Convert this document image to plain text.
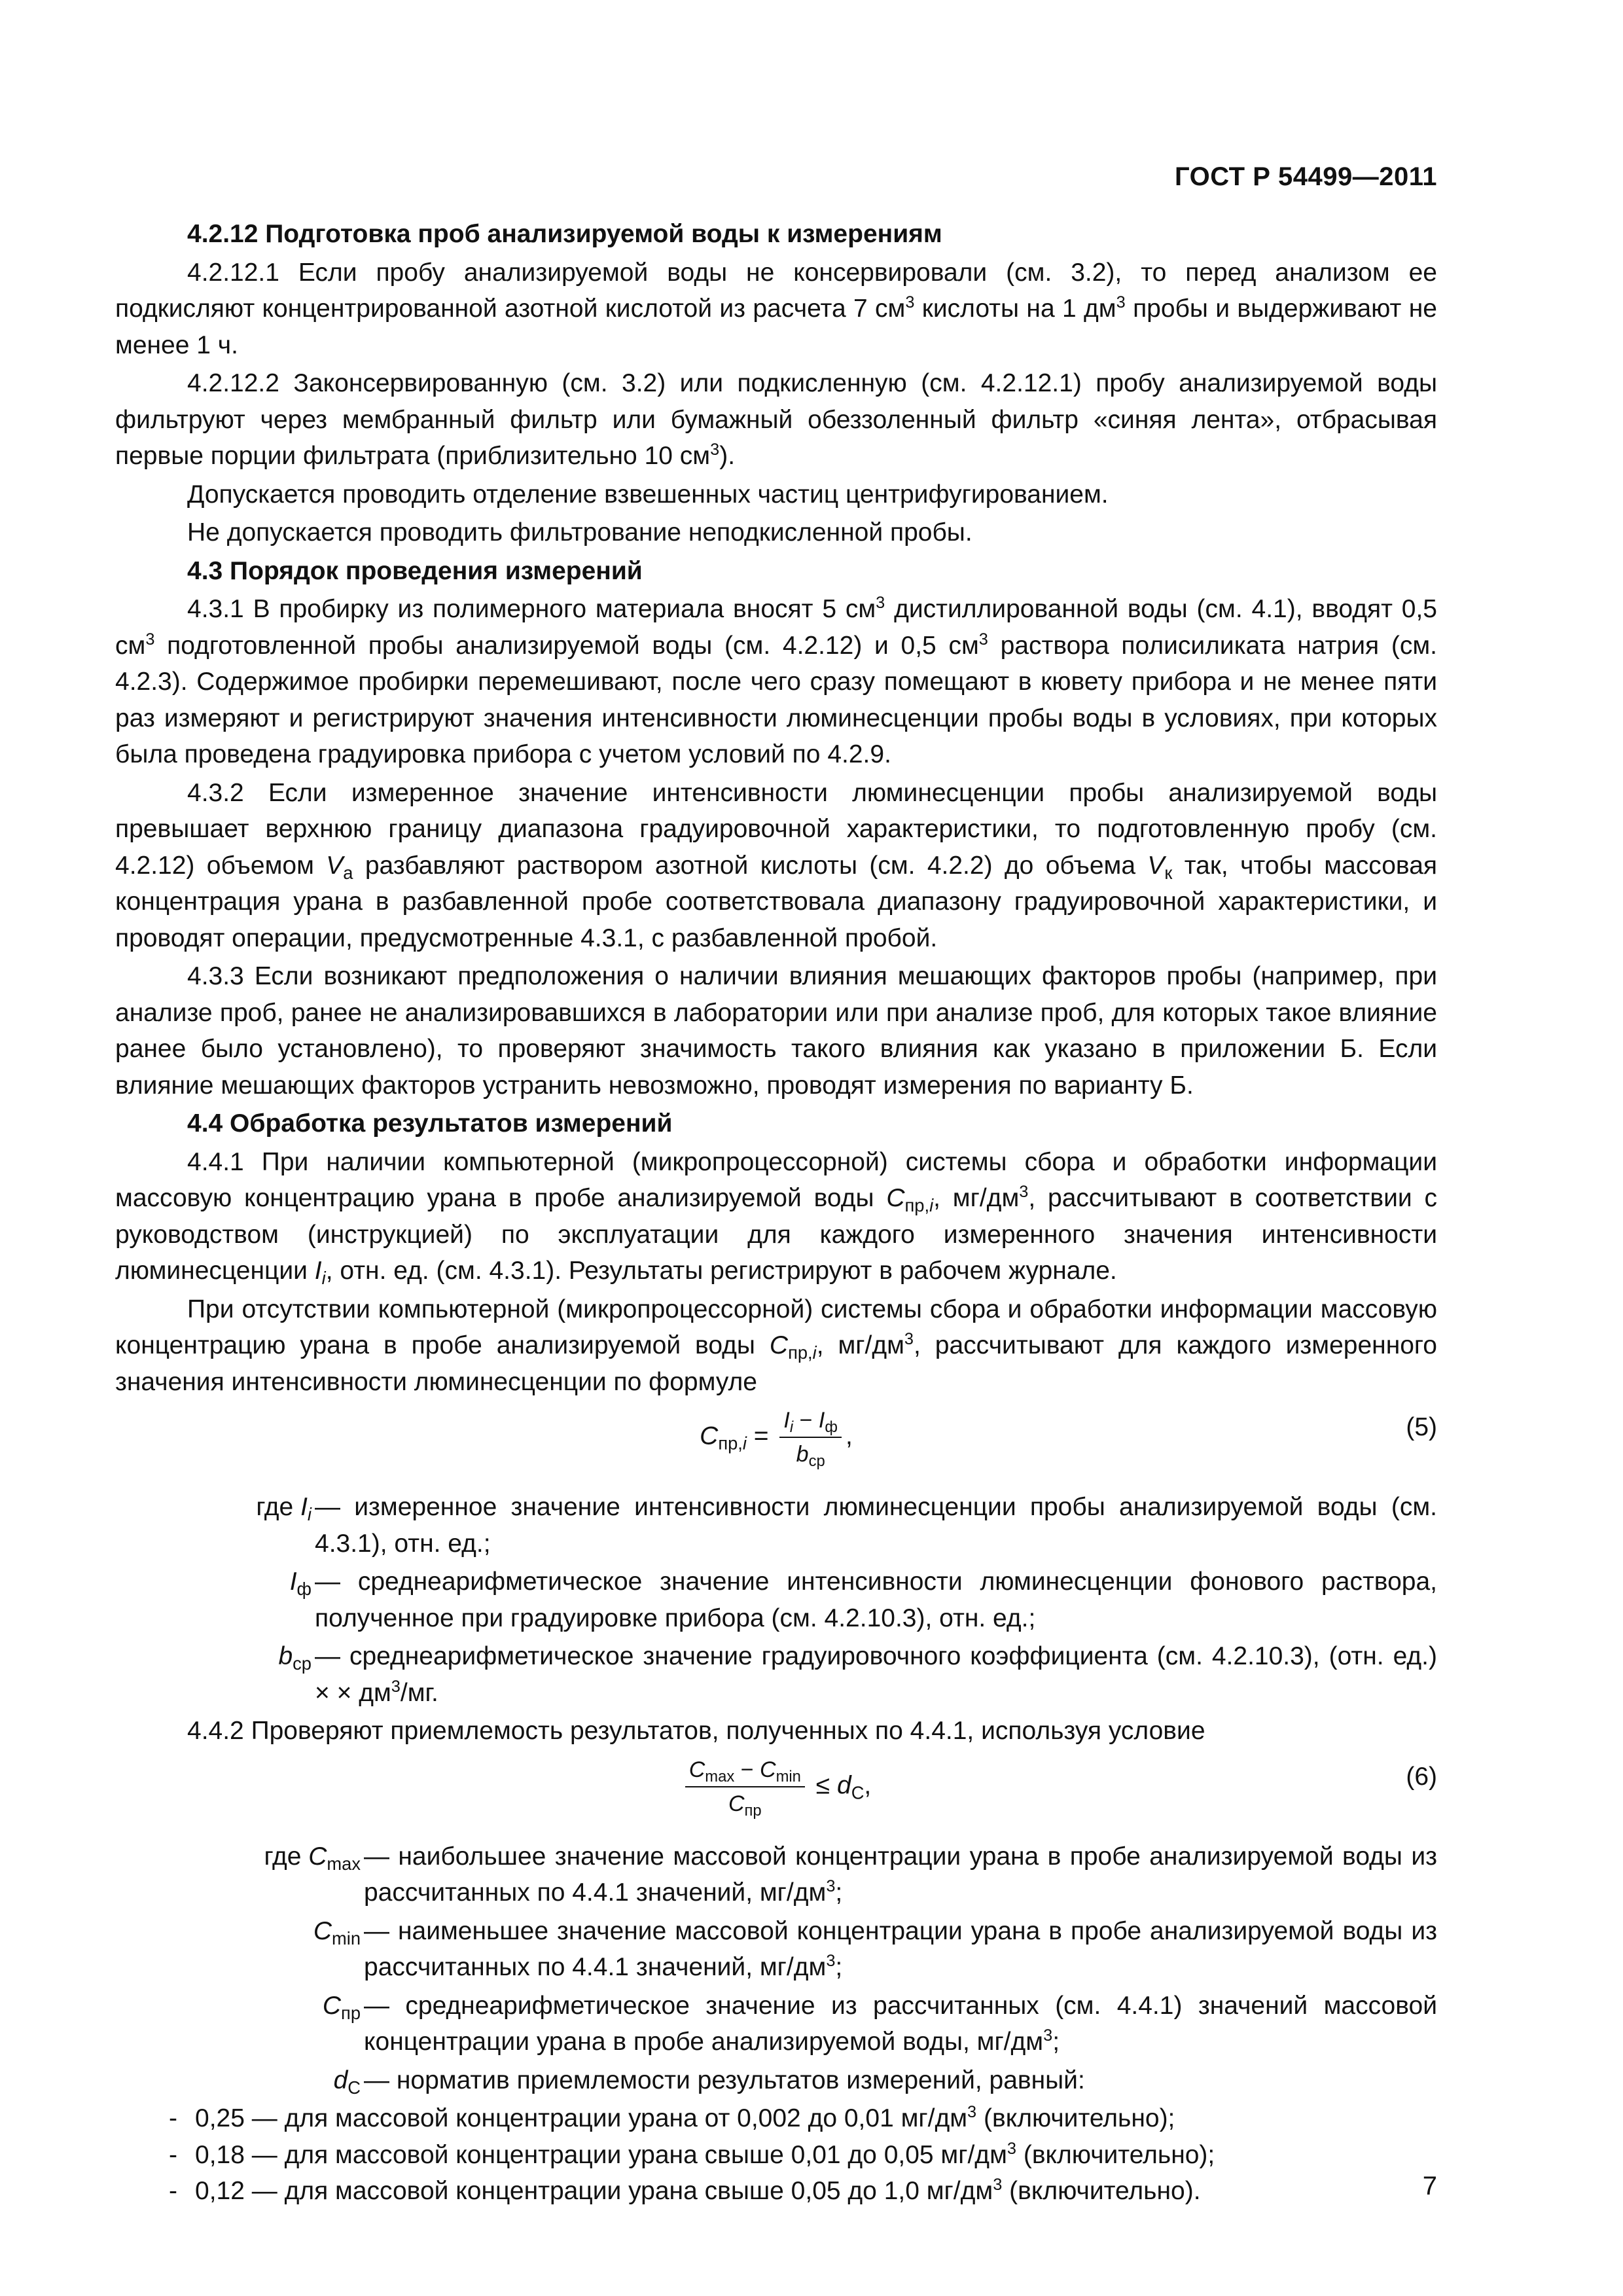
ГОСТ Р 54499—2011

4.2.12 Подготовка проб анализируемой воды к измерениям

4.2.12.1 Если пробу анализируемой воды не консервировали (см. 3.2), то перед анализом ее подкисляют концентрированной азотной кислотой из расчета 7 $см^3$ кислоты на 1 $дм^3$ пробы и выдерживают не менее 1 ч.

4.2.12.2 Законсервированную (см. 3.2) или подкисленную (см. 4.2.12.1) пробу анализируемой воды фильтруют через мембранный фильтр или бумажный обеззоленный фильтр «синяя лента», отбрасывая первые порции фильтрата (приблизительно 10 $см^3$).

Допускается проводить отделение взвешенных частиц центрифугированием.

Не допускается проводить фильтрование неподкисленной пробы.

4.3 Порядок проведения измерений

4.3.1 В пробирку из полимерного материала вносят 5 $см^3$ дистиллированной воды (см. 4.1), вводят 0,5 $см^3$ подготовленной пробы анализируемой воды (см. 4.2.12) и 0,5 $см^3$ раствора полисиликата натрия (см. 4.2.3). Содержимое пробирки перемешивают, после чего сразу помещают в кювету прибора и не менее пяти раз измеряют и регистрируют значения интенсивности люминесценции пробы воды в условиях, при которых была проведена градуировка прибора с учетом условий по 4.2.9.

4.3.2 Если измеренное значение интенсивности люминесценции пробы анализируемой воды превышает верхнюю границу диапазона градуировочной характеристики, то подготовленную пробу (см. 4.2.12) объемом $V_а$ разбавляют раствором азотной кислоты (см. 4.2.2) до объема $V_к$ так, чтобы массовая концентрация урана в разбавленной пробе соответствовала диапазону градуировочной характеристики, и проводят операции, предусмотренные 4.3.1, с разбавленной пробой.

4.3.3 Если возникают предположения о наличии влияния мешающих факторов пробы (например, при анализе проб, ранее не анализировавшихся в лаборатории или при анализе проб, для которых такое влияние ранее было установлено), то проверяют значимость такого влияния как указано в приложении Б. Если влияние мешающих факторов устранить невозможно, проводят измерения по варианту Б.

4.4 Обработка результатов измерений

4.4.1 При наличии компьютерной (микропроцессорной) системы сбора и обработки информации массовую концентрацию урана в пробе анализируемой воды $C_{пр,i}$, $мг/дм^3$, рассчитывают в соответствии с руководством (инструкцией) по эксплуатации для каждого измеренного значения интенсивности люминесценции $I_i$, отн. ед. (см. 4.3.1). Результаты регистрируют в рабочем журнале.

При отсутствии компьютерной (микропроцессорной) системы сбора и обработки информации массовую концентрацию урана в пробе анализируемой воды $C_{пр,i}$, $мг/дм^3$, рассчитывают для каждого измеренного значения интенсивности люминесценции по формуле

$C_{пр,i} = \frac{I_i - I_ф}{b_{ср}}$ ,	(5)

где $I_i$ — измеренное значение интенсивности люминесценции пробы анализируемой воды (см. 4.3.1), отн. ед.;

$I_ф$ — среднеарифметическое значение интенсивности люминесценции фонового раствора, полученное при градуировке прибора (см. 4.2.10.3), отн. ед.;

$b_{ср}$ — среднеарифметическое значение градуировочного коэффициента (см. 4.2.10.3), (отн. ед.) × × $дм^3/мг$.

4.4.2 Проверяют приемлемость результатов, полученных по 4.4.1, используя условие

$\frac{C_{max} - C_{min}}{C_{пр}} \le d_C$,	(6)

где $C_{max}$ — наибольшее значение массовой концентрации урана в пробе анализируемой воды из рассчитанных по 4.4.1 значений, $мг/дм^3$;

$C_{min}$ — наименьшее значение массовой концентрации урана в пробе анализируемой воды из рассчитанных по 4.4.1 значений, $мг/дм^3$;

$C_{пр}$ — среднеарифметическое значение из рассчитанных (см. 4.4.1) значений массовой концентрации урана в пробе анализируемой воды, $мг/дм^3$;

$d_C$ — норматив приемлемости результатов измерений, равный:

- 0,25 — для массовой концентрации урана от 0,002 до 0,01 $мг/дм^3$ (включительно);
- 0,18 — для массовой концентрации урана свыше 0,01 до 0,05 $мг/дм^3$ (включительно);
- 0,12 — для массовой концентрации урана свыше 0,05 до 1,0 $мг/дм^3$ (включительно).	7
